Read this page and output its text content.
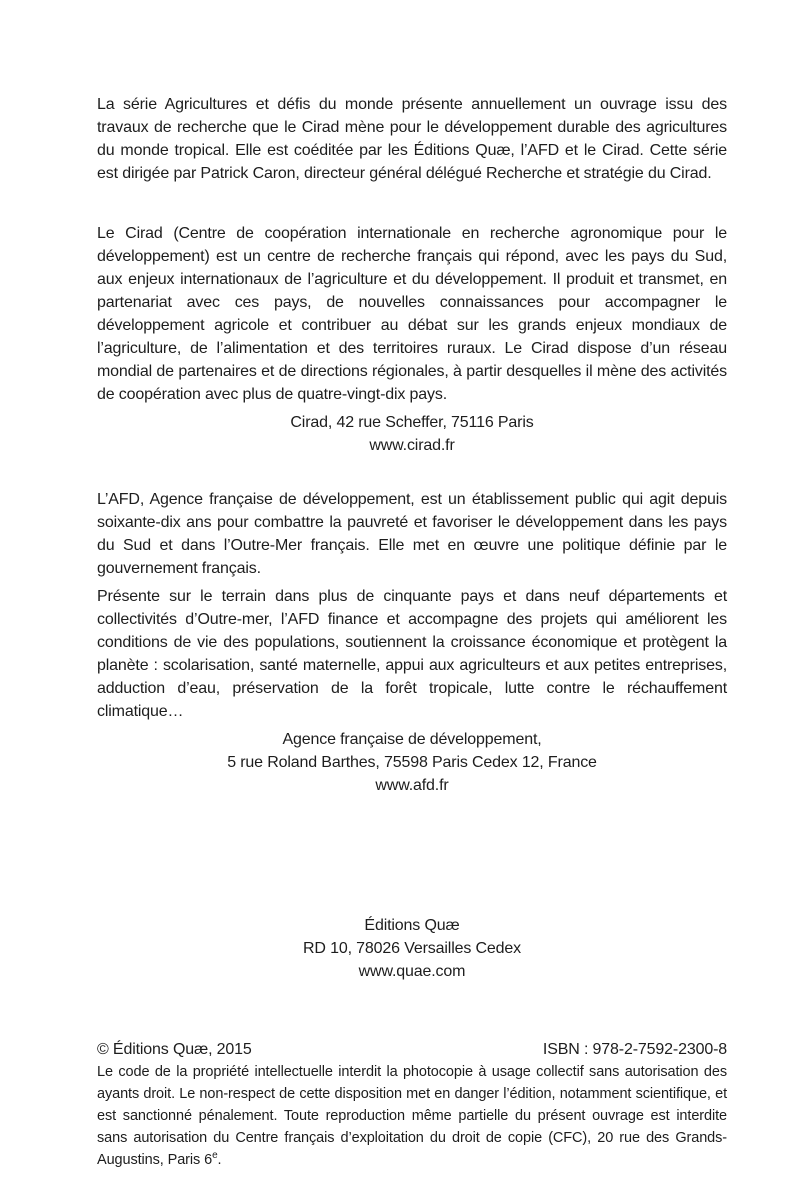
La série Agricultures et défis du monde présente annuellement un ouvrage issu des travaux de recherche que le Cirad mène pour le développement durable des agricultures du monde tropical. Elle est coéditée par les Éditions Quæ, l’AFD et le Cirad. Cette série est dirigée par Patrick Caron, directeur général délégué Recherche et stratégie du Cirad.

Le Cirad (Centre de coopération internationale en recherche agronomique pour le développement) est un centre de recherche français qui répond, avec les pays du Sud, aux enjeux internationaux de l’agriculture et du développement. Il produit et transmet, en partenariat avec ces pays, de nouvelles connaissances pour accompagner le développement agricole et contribuer au débat sur les grands enjeux mondiaux de l’agriculture, de l’alimentation et des territoires ruraux. Le Cirad dispose d’un réseau mondial de partenaires et de directions régionales, à partir desquelles il mène des activités de coopération avec plus de quatre-vingt-dix pays.

Cirad, 42 rue Scheffer, 75116 Paris
www.cirad.fr

L’AFD, Agence française de développement, est un établissement public qui agit depuis soixante-dix ans pour combattre la pauvreté et favoriser le développement dans les pays du Sud et dans l’Outre-Mer français. Elle met en œuvre une politique définie par le gouvernement français.

Présente sur le terrain dans plus de cinquante pays et dans neuf départements et collectivités d’Outre-mer, l’AFD finance et accompagne des projets qui améliorent les conditions de vie des populations, soutiennent la croissance économique et protègent la planète : scolarisation, santé maternelle, appui aux agriculteurs et aux petites entreprises, adduction d’eau, préservation de la forêt tropicale, lutte contre le réchauffement climatique…

Agence française de développement,
5 rue Roland Barthes, 75598 Paris Cedex 12, France
www.afd.fr
Éditions Quæ
RD 10, 78026 Versailles Cedex
www.quae.com
© Éditions Quæ, 2015	ISBN : 978-2-7592-2300-8

Le code de la propriété intellectuelle interdit la photocopie à usage collectif sans autorisation des ayants droit. Le non-respect de cette disposition met en danger l’édition, notamment scientifique, et est sanctionné pénalement. Toute reproduction même partielle du présent ouvrage est interdite sans autorisation du Centre français d’exploitation du droit de copie (CFC), 20 rue des Grands-Augustins, Paris 6e.
